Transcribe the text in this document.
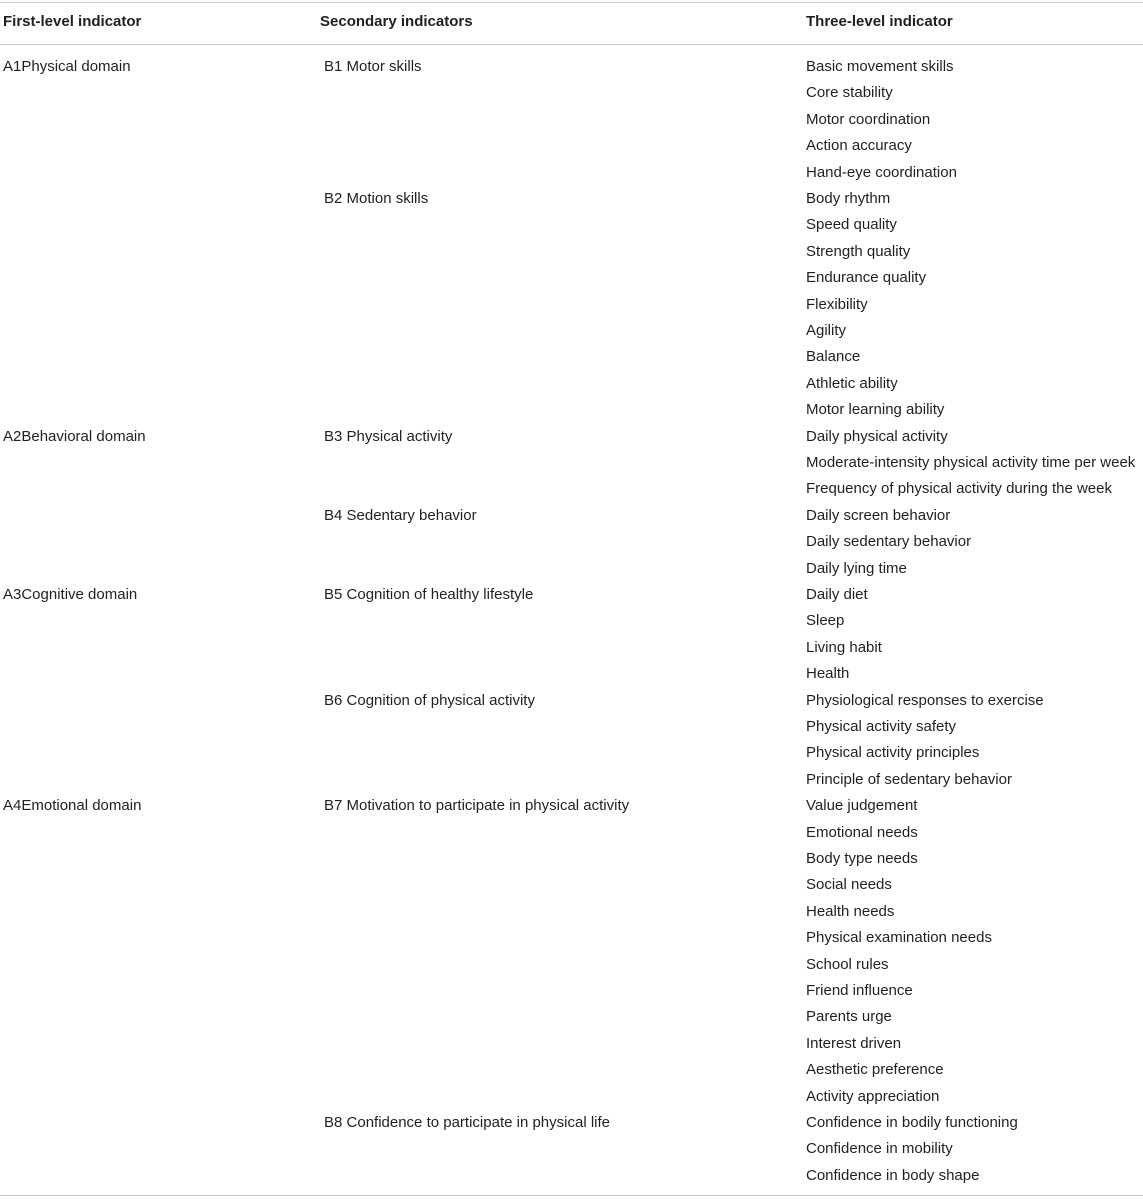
First-level indicator	Secondary indicators	Three-level indicator
A1Physical domain
A2Behavioral domain
A3Cognitive domain
A4Emotional domain
B1 Motor skills
B2 Motion skills
B3 Physical activity
B4 Sedentary behavior
B5 Cognition of healthy lifestyle
B6 Cognition of physical activity
B7 Motivation to participate in physical activity
B8 Confidence to participate in physical life
Basic movement skills
Core stability
Motor coordination
Action accuracy
Hand-eye coordination
Body rhythm
Speed quality
Strength quality
Endurance quality
Flexibility
Agility
Balance
Athletic ability
Motor learning ability
Daily physical activity
Moderate-intensity physical activity time per week
Frequency of physical activity during the week
Daily screen behavior
Daily sedentary behavior
Daily lying time
Daily diet
Sleep
Living habit
Health
Physiological responses to exercise
Physical activity safety
Physical activity principles
Principle of sedentary behavior
Value judgement
Emotional needs
Body type needs
Social needs
Health needs
Physical examination needs
School rules
Friend influence
Parents urge
Interest driven
Aesthetic preference
Activity appreciation
Confidence in bodily functioning
Confidence in mobility
Confidence in body shape
